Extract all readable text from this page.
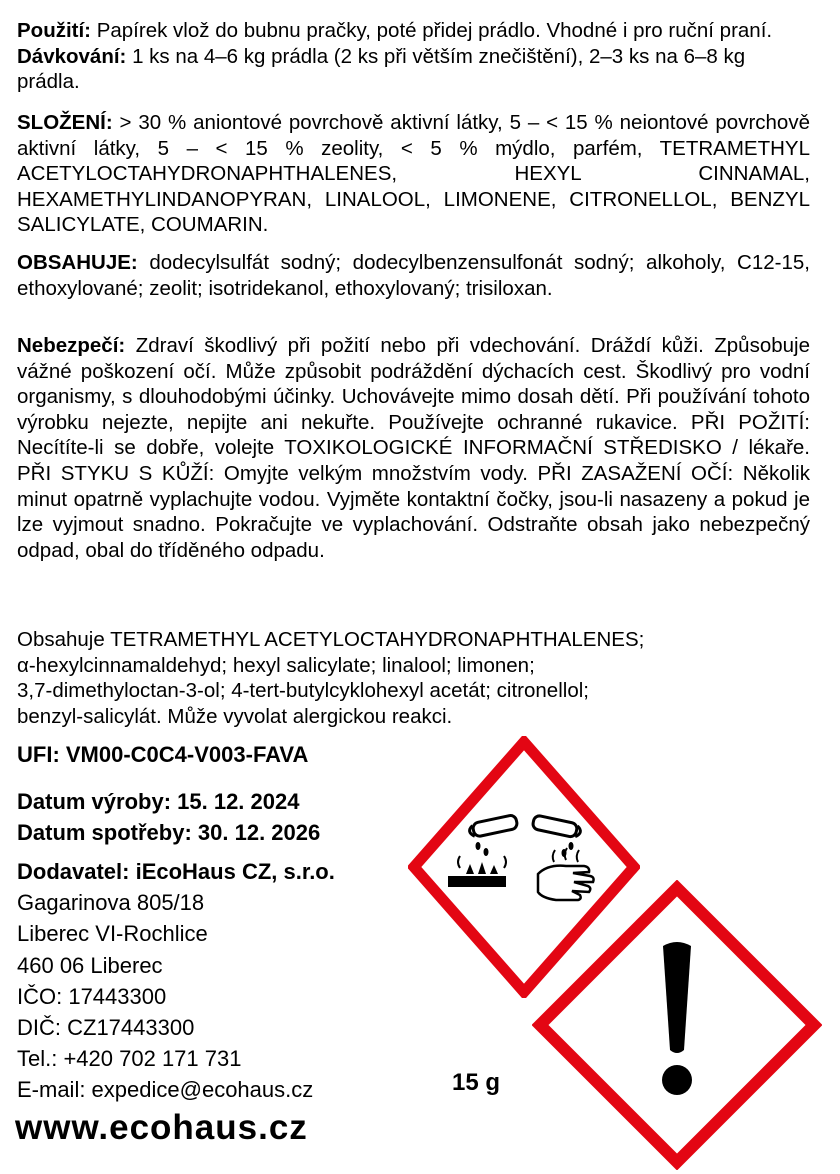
Použití: Papírek vlož do bubnu pračky, poté přidej prádlo. Vhodné i pro ruční praní. Dávkování: 1 ks na 4–6 kg prádla (2 ks při větším znečištění), 2–3 ks na 6–8 kg prádla.
SLOŽENÍ: > 30 % aniontové povrchově aktivní látky, 5 – < 15 % neiontové povrchově aktivní látky, 5 – < 15 % zeolity, < 5 % mýdlo, parfém, TETRAMETHYL ACETYLOCTAHYDRONAPHTHALENES, HEXYL CINNAMAL, HEXAMETHYLINDANOPYRAN, LINALOOL, LIMONENE, CITRONELLOL, BENZYL SALICYLATE, COUMARIN.
OBSAHUJE: dodecylsulfát sodný; dodecylbenzensulfonát sodný; alkoholy, C12-15, ethoxylované; zeolit; isotridekanol, ethoxylovaný; trisiloxan.
Nebezpečí: Zdraví škodlivý při požití nebo při vdechování. Dráždí kůži. Způsobuje vážné poškození očí. Může způsobit podráždění dýchacích cest. Škodlivý pro vodní organismy, s dlouhodobými účinky. Uchovávejte mimo dosah dětí. Při používání tohoto výrobku nejezte, nepijte ani nekuřte. Používejte ochranné rukavice. PŘI POŽITÍ: Necítíte-li se dobře, volejte TOXIKOLOGICKÉ INFORMAČNÍ STŘEDISKO / lékaře. PŘI STYKU S KŮŽÍ: Omyjte velkým množstvím vody. PŘI ZASAŽENÍ OČÍ: Několik minut opatrně vyplachujte vodou. Vyjměte kontaktní čočky, jsou-li nasazeny a pokud je lze vyjmout snadno. Pokračujte ve vyplachování. Odstraňte obsah jako nebezpečný odpad, obal do tříděného odpadu.
Obsahuje TETRAMETHYL ACETYLOCTAHYDRONAPHTHALENES;
α-hexylcinnamaldehyd; hexyl salicylate; linalool; limonen;
3,7-dimethyloctan-3-ol; 4-tert-butylcyklohexyl acetát; citronellol;
benzyl-salicylát. Může vyvolat alergickou reakci.
UFI: VM00-C0C4-V003-FAVA
Datum výroby: 15. 12. 2024
Datum spotřeby: 30. 12. 2026
Dodavatel: iEcoHaus CZ, s.r.o.
Gagarinova 805/18
Liberec VI-Rochlice
460 06 Liberec
IČO: 17443300
DIČ: CZ17443300
Tel.: +420 702 171 731
E-mail: expedice@ecohaus.cz
www.ecohaus.cz
15 g
